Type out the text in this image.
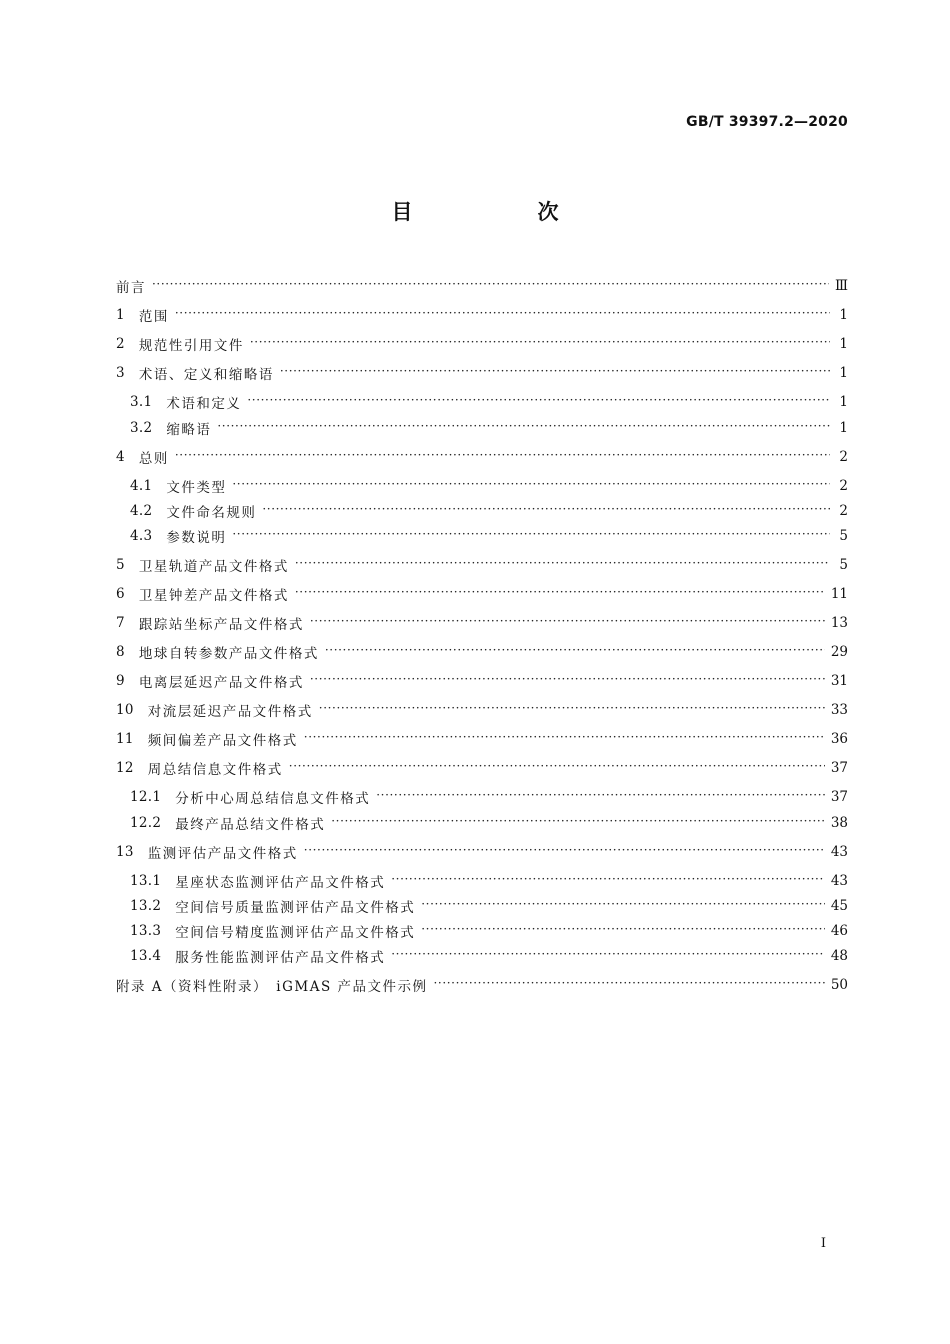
GB/T 39397.2—2020
目　次
前言 ·····	Ⅲ
1 范围 ·····	1
2 规范性引用文件 ·····	1
3 术语、定义和缩略语 ·····	1
3.1 术语和定义 ·····	1
3.2 缩略语 ·····	1
4 总则 ·····	2
4.1 文件类型 ·····	2
4.2 文件命名规则 ·····	2
4.3 参数说明 ·····	5
5 卫星轨道产品文件格式 ·····	5
6 卫星钟差产品文件格式 ·····	11
7 跟踪站坐标产品文件格式 ·····	13
8 地球自转参数产品文件格式 ·····	29
9 电离层延迟产品文件格式 ·····	31
10 对流层延迟产品文件格式 ·····	33
11 频间偏差产品文件格式 ·····	36
12 周总结信息文件格式 ·····	37
12.1 分析中心周总结信息文件格式 ·····	37
12.2 最终产品总结文件格式 ·····	38
13 监测评估产品文件格式 ·····	43
13.1 星座状态监测评估产品文件格式 ·····	43
13.2 空间信号质量监测评估产品文件格式 ·····	45
13.3 空间信号精度监测评估产品文件格式 ·····	46
13.4 服务性能监测评估产品文件格式 ·····	48
附录 A（资料性附录）　iGMAS 产品文件示例 ·····	50
I
